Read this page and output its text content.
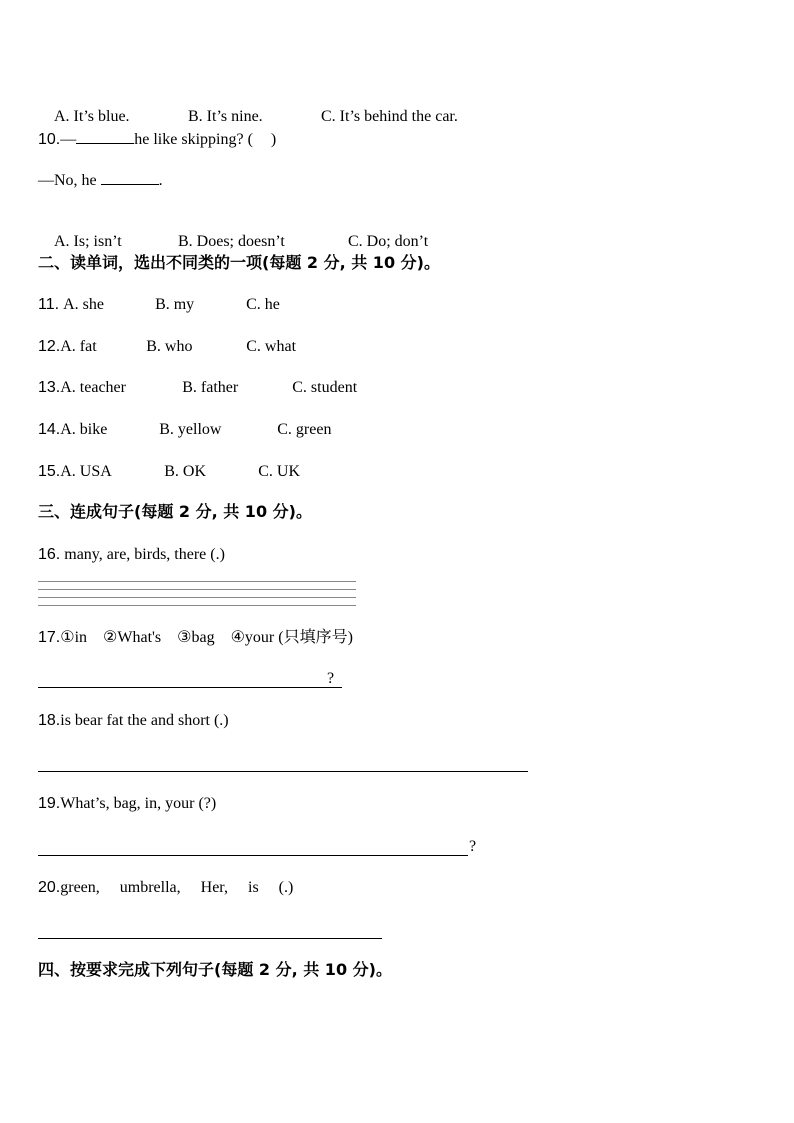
A. It’s blue.	B. It’s nine.	C. It’s behind the car.

10.—	he like skipping? ( )
—No, he	.

A. Is; isn’t	B. Does; doesn’t	C. Do; don’t

二、读单词，选出不同类的一项(每题 2 分, 共 10 分)。
11. A. she	B. my	C. he
12.A. fat	B. who	C. what
13.A. teacher	B. father	C. student
14.A. bike	B. yellow	C. green
15.A. USA	B. OK	C. UK
三、连成句子(每题 2 分, 共 10 分)。
16. many, are, birds, there (.)
17.①in    ②What's    ③bag    ④your (只填序号)
?
18.is bear fat the and short (.)
19.What’s, bag, in, your (?)
?
20.green,     umbrella,     Her,     is     (.)
四、按要求完成下列句子(每题 2 分, 共 10 分)。
